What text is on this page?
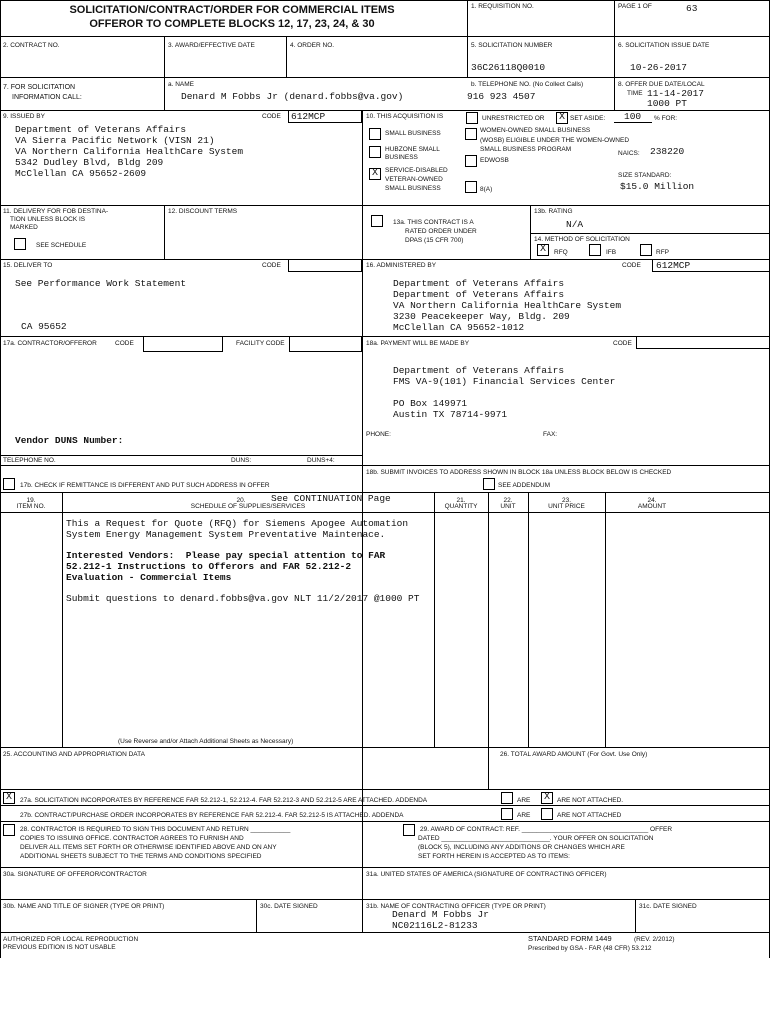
SOLICITATION/CONTRACT/ORDER FOR COMMERCIAL ITEMS
OFFEROR TO COMPLETE BLOCKS 12, 17, 23, 24, & 30
1. REQUISITION NO.	PAGE 1 OF	63
2. CONTRACT NO.	3. AWARD/EFFECTIVE DATE	4. ORDER NO.	5. SOLICITATION NUMBER
36C26118Q0010
6. SOLICITATION ISSUE DATE
10-26-2017
7. FOR SOLICITATION
INFORMATION CALL:
a. NAME
Denard M Fobbs Jr (denard.fobbs@va.gov)
b. TELEPHONE NO. (No Collect Calls)
916 923 4507
8. OFFER DUE DATE/LOCAL
TIME 11-14-2017
1000 PT
9. ISSUED BY	CODE 612MCP
Department of Veterans Affairs
VA Sierra Pacific Network (VISN 21)
VA Northern California HealthCare System
5342 Dudley Blvd, Bldg 209
McClellan CA 95652-2609
10. THIS ACQUISITION IS	UNRESTRICTED OR X SET ASIDE: 100 % FOR:
SMALL BUSINESS
HUBZONE SMALL
BUSINESS
X	SERVICE-DISABLED
VETERAN-OWNED
SMALL BUSINESS
WOMEN-OWNED SMALL BUSINESS
(WOSB) ELIGIBLE UNDER THE WOMEN-OWNED
SMALL BUSINESS PROGRAM
EDWOSB
8(A)
NAICS: 238220
SIZE STANDARD:
$15.0 Million
11. DELIVERY FOR FOB DESTINA-
TION UNLESS BLOCK IS
MARKED
SEE SCHEDULE
12. DISCOUNT TERMS
13a. THIS CONTRACT IS A
RATED ORDER UNDER
DPAS (15 CFR 700)
13b. RATING
N/A
14. METHOD OF SOLICITATION
X	RFQ	IFB	RFP
15. DELIVER TO	CODE
See Performance Work Statement
CA 95652
16. ADMINISTERED BY	CODE 612MCP
Department of Veterans Affairs
Department of Veterans Affairs
VA Northern California HealthCare System
3230 Peacekeeper Way, Bldg. 209
McClellan CA 95652-1012
17a. CONTRACTOR/OFFEROR	CODE	FACILITY CODE
Vendor DUNS Number:
TELEPHONE NO.	DUNS:	DUNS+4:
17b. CHECK IF REMITTANCE IS DIFFERENT AND PUT SUCH ADDRESS IN OFFER
18a. PAYMENT WILL BE MADE BY	CODE
Department of Veterans Affairs
FMS VA-9(101) Financial Services Center
PO Box 149971
Austin TX 78714-9971
PHONE:	FAX:
18b. SUBMIT INVOICES TO ADDRESS SHOWN IN BLOCK 18a UNLESS BLOCK BELOW IS CHECKED
SEE ADDENDUM
19.
ITEM NO.
20.	See CONTINUATION Page
SCHEDULE OF SUPPLIES/SERVICES
21.
QUANTITY
22.
UNIT
23.
UNIT PRICE
24.
AMOUNT
This a Request for Quote (RFQ) for Siemens Apogee Automation
System Energy Management System Preventative Maintenace.
Interested Vendors:  Please pay special attention to FAR
52.212-1 Instructions to Offerors and FAR 52.212-2
Evaluation - Commercial Items
Submit questions to denard.fobbs@va.gov NLT 11/2/2017 @1000 PT
(Use Reverse and/or Attach Additional Sheets as Necessary)
25. ACCOUNTING AND APPROPRIATION DATA	26. TOTAL AWARD AMOUNT (For Govt. Use Only)
X	27a. SOLICITATION INCORPORATES BY REFERENCE FAR 52.212-1, 52.212-4. FAR 52.212-3 AND 52.212-5 ARE ATTACHED. ADDENDA	ARE X	ARE NOT ATTACHED.
27b. CONTRACT/PURCHASE ORDER INCORPORATES BY REFERENCE FAR 52.212-4. FAR 52.212-5 IS ATTACHED. ADDENDA	ARE	ARE NOT ATTACHED
28. CONTRACTOR IS REQUIRED TO SIGN THIS DOCUMENT AND RETURN ___________
COPIES TO ISSUING OFFICE. CONTRACTOR AGREES TO FURNISH AND
DELIVER ALL ITEMS SET FORTH OR OTHERWISE IDENTIFIED ABOVE AND ON ANY
ADDITIONAL SHEETS SUBJECT TO THE TERMS AND CONDITIONS SPECIFIED
29. AWARD OF CONTRACT: REF. ___________________________________ OFFER
DATED ______________________________. YOUR OFFER ON SOLICITATION
(BLOCK 5), INCLUDING ANY ADDITIONS OR CHANGES WHICH ARE
SET FORTH HEREIN IS ACCEPTED AS TO ITEMS:
30a. SIGNATURE OF OFFEROR/CONTRACTOR	31a. UNITED STATES OF AMERICA (SIGNATURE OF CONTRACTING OFFICER)
30b. NAME AND TITLE OF SIGNER (TYPE OR PRINT)	30c. DATE SIGNED	31b. NAME OF CONTRACTING OFFICER (TYPE OR PRINT)
Denard M Fobbs Jr
NC02116L2-81233
31c. DATE SIGNED
AUTHORIZED FOR LOCAL REPRODUCTION
PREVIOUS EDITION IS NOT USABLE
STANDARD FORM 1449	(REV. 2/2012)
Prescribed by GSA - FAR (48 CFR) 53.212
